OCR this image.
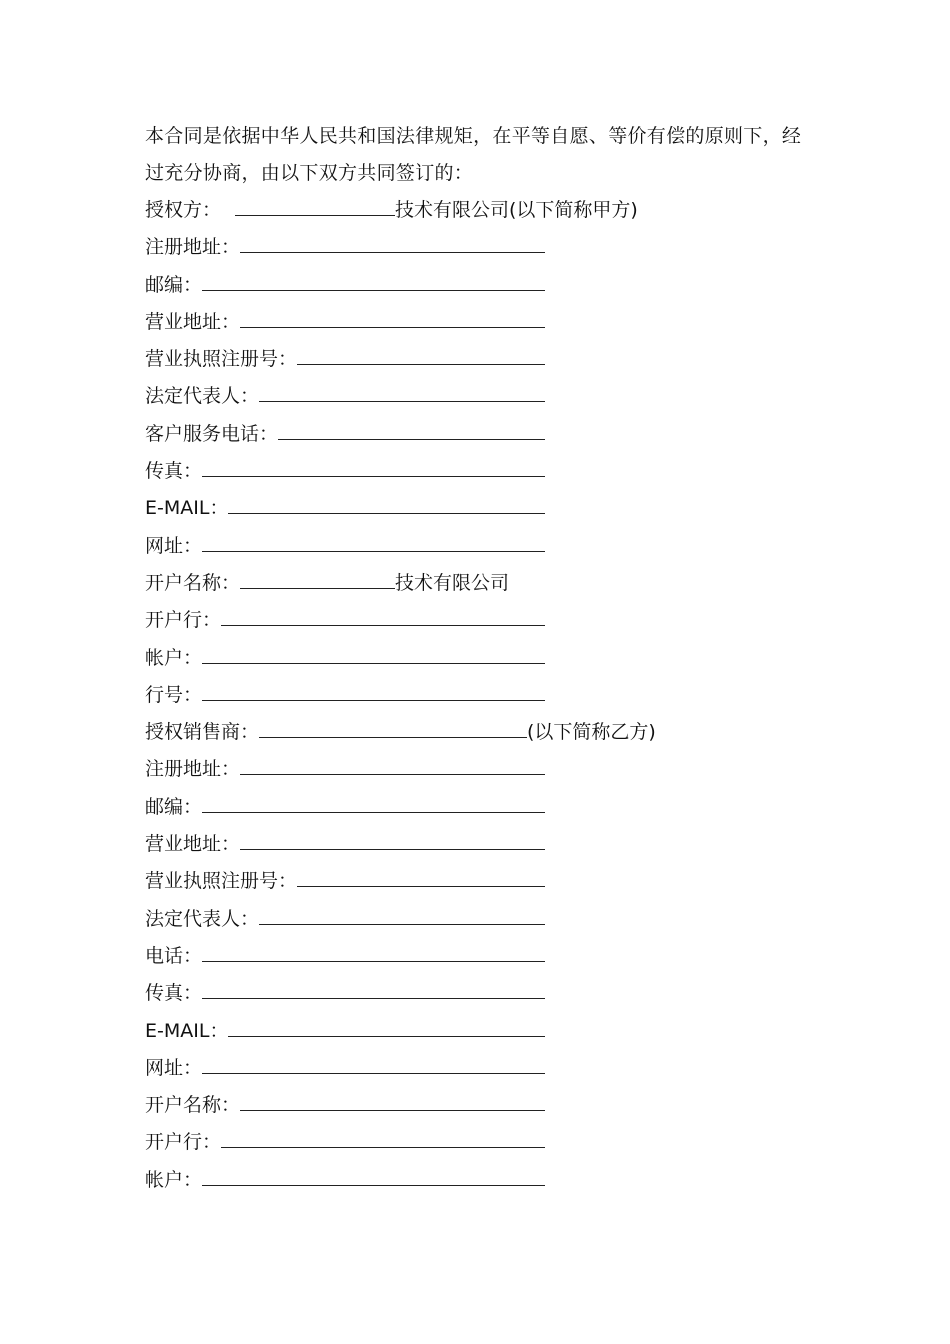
本合同是依据中华人民共和国法律规矩，在平等自愿、等价有偿的原则下，经过充分协商，由以下双方共同签订的：

授权方：	技术有限公司(以下简称甲方)
注册地址：
邮编：
营业地址：
营业执照注册号：
法定代表人：
客户服务电话：
传真：
E-MAIL：
网址：
开户名称：	技术有限公司
开户行：
帐户：
行号：
授权销售商：	(以下简称乙方)
注册地址：
邮编：
营业地址：
营业执照注册号：
法定代表人：
电话：
传真：
E-MAIL：
网址：
开户名称：
开户行：
帐户：
